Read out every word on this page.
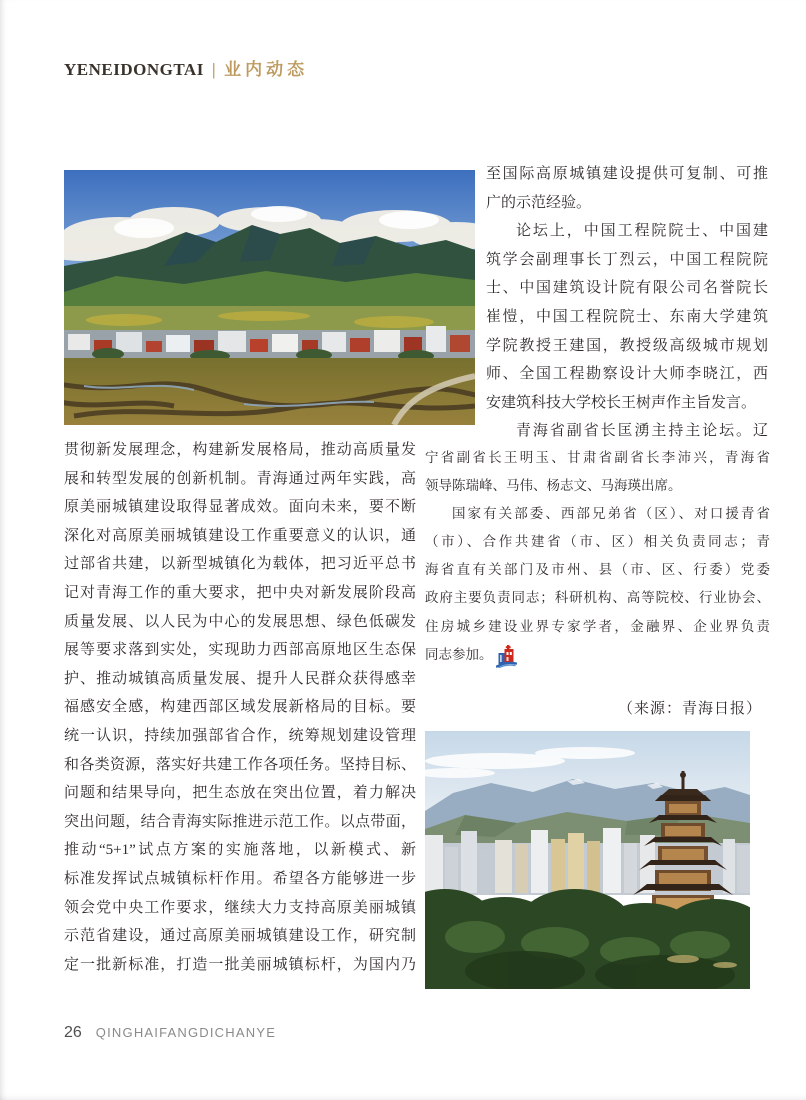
YENEIDONGTAI | 业内动态
贯彻新发展理念，构建新发展格局，推动高质量发
展和转型发展的创新机制。青海通过两年实践，高
原美丽城镇建设取得显著成效。面向未来，要不断
深化对高原美丽城镇建设工作重要意义的认识，通
过部省共建，以新型城镇化为载体，把习近平总书
记对青海工作的重大要求，把中央对新发展阶段高
质量发展、以人民为中心的发展思想、绿色低碳发
展等要求落到实处，实现助力西部高原地区生态保
护、推动城镇高质量发展、提升人民群众获得感幸
福感安全感，构建西部区域发展新格局的目标。要
统一认识，持续加强部省合作，统筹规划建设管理
和各类资源，落实好共建工作各项任务。坚持目标、
问题和结果导向，把生态放在突出位置，着力解决
突出问题，结合青海实际推进示范工作。以点带面，
推动“5+1”试点方案的实施落地，以新模式、新
标准发挥试点城镇标杆作用。希望各方能够进一步
领会党中央工作要求，继续大力支持高原美丽城镇
示范省建设，通过高原美丽城镇建设工作，研究制
定一批新标准，打造一批美丽城镇标杆，为国内乃
至国际高原城镇建设提供可复制、可推
广的示范经验。
论坛上，中国工程院院士、中国建
筑学会副理事长丁烈云，中国工程院院
士、中国建筑设计院有限公司名誉院长
崔愷，中国工程院院士、东南大学建筑
学院教授王建国，教授级高级城市规划
师、全国工程勘察设计大师李晓江，西
安建筑科技大学校长王树声作主旨发言。
青海省副省长匡湧主持主论坛。辽
宁省副省长王明玉、甘肃省副省长李沛兴，青海省
领导陈瑞峰、马伟、杨志文、马海瑛出席。
国家有关部委、西部兄弟省（区）、对口援青省
（市）、合作共建省（市、区）相关负责同志；青
海省直有关部门及市州、县（市、区、行委）党委
政府主要负责同志；科研机构、高等院校、行业协会、
住房城乡建设业界专家学者，金融界、企业界负责
同志参加。
（来源：青海日报）
26 QINGHAIFANGDICHANYE
